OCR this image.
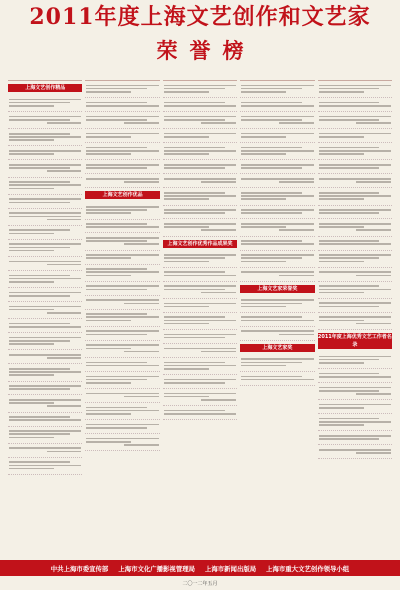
2011年度上海文艺创作和文艺家
荣誉榜
上海文艺创作精品
上海文艺创作优品
上海文艺创作优秀作品成果奖
上海文艺家荣誉奖
上海文艺家奖
2011年度上海优秀文艺工作者名录
中共上海市委宣传部 上海市文化广播影视管理局 上海市新闻出版局 上海市重大文艺创作领导小组
二〇一二年五月
